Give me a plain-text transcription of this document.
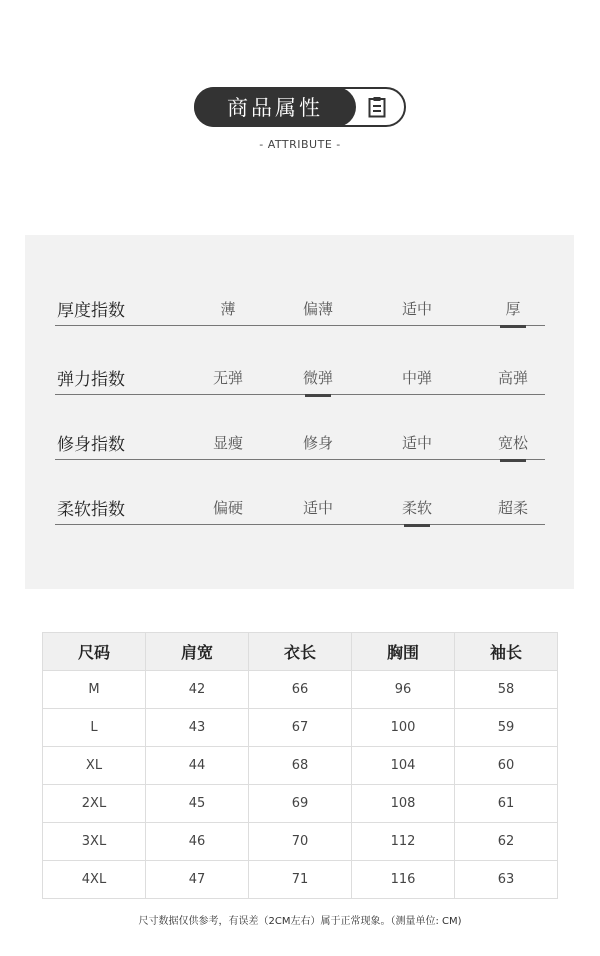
商品属性
- ATTRIBUTE -
厚度指数	薄	偏薄	适中	厚
弹力指数	无弹	微弹	中弹	高弹
修身指数	显瘦	修身	适中	宽松
柔软指数	偏硬	适中	柔软	超柔
尺码	肩宽	衣长	胸围	袖长
M	42	66	96	58
L	43	67	100	59
XL	44	68	104	60
2XL	45	69	108	61
3XL	46	70	112	62
4XL	47	71	116	63
尺寸数据仅供参考，有误差（2CM左右）属于正常现象。（测量单位: CM)
